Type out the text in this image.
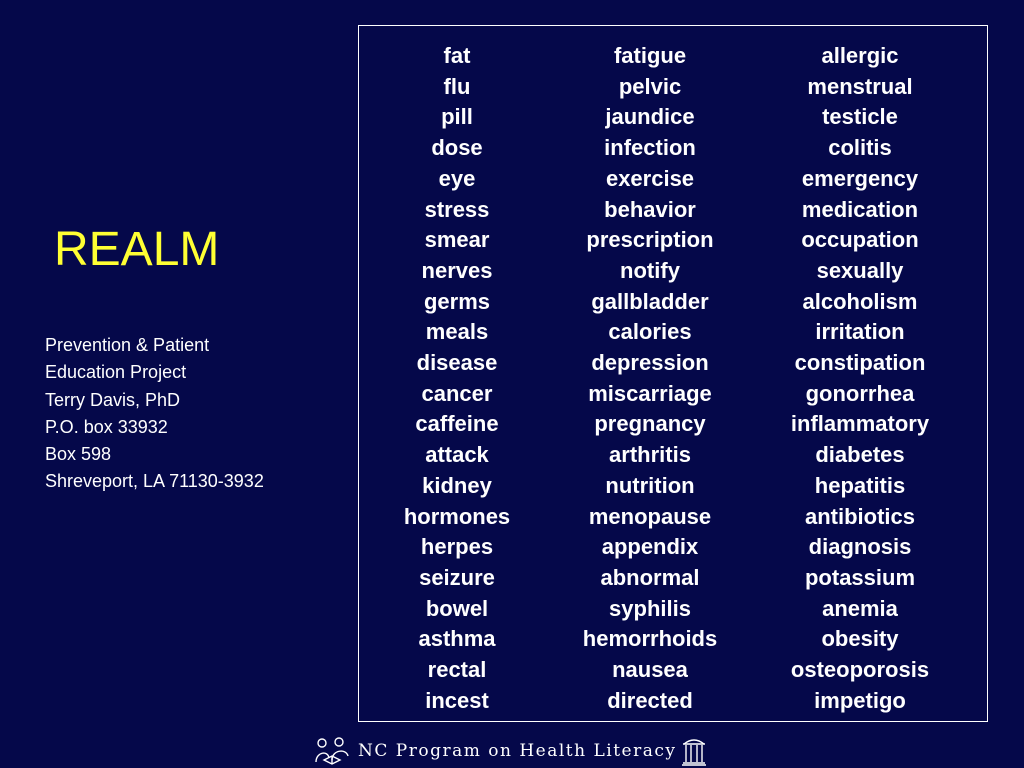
REALM
Prevention & Patient
Education Project
Terry Davis, PhD
P.O. box 33932
Box 598
Shreveport, LA 71130-3932
fat
flu
pill
dose
eye
stress
smear
nerves
germs
meals
disease
cancer
caffeine
attack
kidney
hormones
herpes
seizure
bowel
asthma
rectal
incest
fatigue
pelvic
jaundice
infection
exercise
behavior
prescription
notify
gallbladder
calories
depression
miscarriage
pregnancy
arthritis
nutrition
menopause
appendix
abnormal
syphilis
hemorrhoids
nausea
directed
allergic
menstrual
testicle
colitis
emergency
medication
occupation
sexually
alcoholism
irritation
constipation
gonorrhea
inflammatory
diabetes
hepatitis
antibiotics
diagnosis
potassium
anemia
obesity
osteoporosis
impetigo
NC Program on Health Literacy
